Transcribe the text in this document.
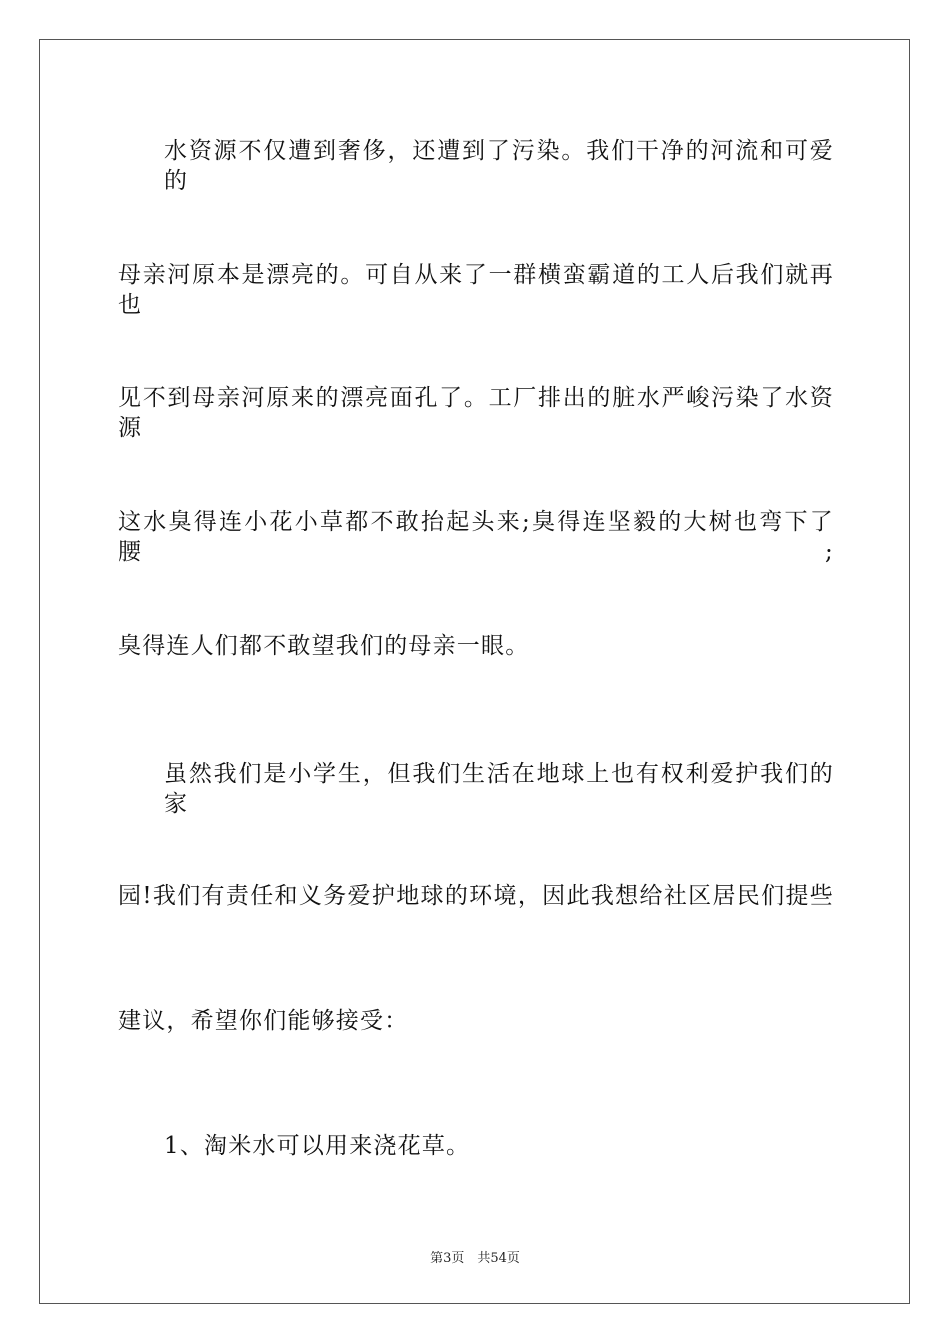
水资源不仅遭到奢侈，还遭到了污染。我们干净的河流和可爱的
母亲河原本是漂亮的。可自从来了一群横蛮霸道的工人后我们就再也
见不到母亲河原来的漂亮面孔了。工厂排出的脏水严峻污染了水资源
这水臭得连小花小草都不敢抬起头来;臭得连坚毅的大树也弯下了腰;
臭得连人们都不敢望我们的母亲一眼。
虽然我们是小学生，但我们生活在地球上也有权利爱护我们的家
园!我们有责任和义务爱护地球的环境，因此我想给社区居民们提些
建议，希望你们能够接受：
1、淘米水可以用来浇花草。
第3页　共54页
